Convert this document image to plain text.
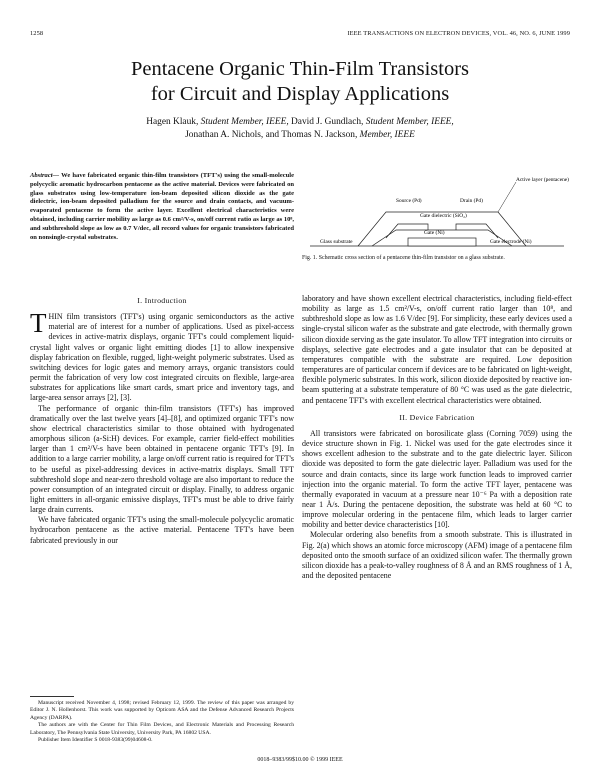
1258	IEEE TRANSACTIONS ON ELECTRON DEVICES, VOL. 46, NO. 6, JUNE 1999
Pentacene Organic Thin-Film Transistors
for Circuit and Display Applications
Hagen Klauk, Student Member, IEEE, David J. Gundlach, Student Member, IEEE,
Jonathan A. Nichols, and Thomas N. Jackson, Member, IEEE
Abstract— We have fabricated organic thin-film transistors (TFT's) using the small-molecule polycyclic aromatic hydrocarbon pentacene as the active material. Devices were fabricated on glass substrates using low-temperature ion-beam deposited silicon dioxide as the gate dielectric, ion-beam deposited palladium for the source and drain contacts, and vacuum-evaporated pentacene to form the active layer. Excellent electrical characteristics were obtained, including carrier mobility as large as 0.6 cm²/V-s, on/off current ratio as large as 10⁸, and subthreshold slope as low as 0.7 V/dec, all record values for organic transistors fabricated on nonsingle-crystal substrates.
I. Introduction

THIN film transistors (TFT's) using organic semiconductors as the active material are of interest for a number of applications. Used as pixel-access devices in active-matrix displays, organic TFT's could complement liquid-crystal light valves or organic light emitting diodes [1] to allow inexpensive display fabrication on flexible, rugged, light-weight polymeric substrates. Used as switching devices for logic gates and memory arrays, organic transistors could permit the fabrication of very low cost integrated circuits on flexible, large-area substrates for applications like smart cards, smart price and inventory tags, and large-area sensor arrays [2], [3].

The performance of organic thin-film transistors (TFT's) has improved dramatically over the last twelve years [4]–[8], and optimized organic TFT's now show electrical characteristics similar to those obtained with hydrogenated amorphous silicon (a-Si:H) devices. For example, carrier field-effect mobilities larger than 1 cm²/V-s have been obtained in pentacene organic TFT's [9]. In addition to a large carrier mobility, a large on/off current ratio is required for TFT's to be useful as pixel-addressing devices in active-matrix displays. Small TFT subthreshold slope and near-zero threshold voltage are also important to reduce the power consumption of an integrated circuit or display. Finally, to address organic light emitters in all-organic emissive displays, TFT's must be able to drive fairly large drain currents.

We have fabricated organic TFT's using the small-molecule polycyclic aromatic hydrocarbon pentacene as the active material. Pentacene TFT's have been fabricated previously in our

Manuscript received November 4, 1998; revised February 12, 1999. The review of this paper was arranged by Editor J. N. Hollenhorst. This work was supported by Opticom ASA and the Defense Advanced Research Projects Agency (DARPA).

The authors are with the Center for Thin Film Devices, and Electronic Materials and Processing Research Laboratory, The Pennsylvania State University, University Park, PA 16802 USA.

Publisher Item Identifier S 0018-9383(99)04608-0.

Active layer (pentacene)
Drain (Pd)
Source (Pd)
Gate dielectric (SiO₂)
Gate (Ni)
Glass substrate	Gate electrode (Ni)
Fig. 1. Schematic cross section of a pentacene thin-film transistor on a glass substrate.

laboratory and have shown excellent electrical characteristics, including field-effect mobility as large as 1.5 cm²/V-s, on/off current ratio larger than 10⁸, and subthreshold slope as low as 1.6 V/dec [9]. For simplicity, these early devices used a single-crystal silicon wafer as the substrate and gate electrode, with thermally grown silicon dioxide serving as the gate insulator. To allow TFT integration into circuits or displays, selective gate electrodes and a gate insulator that can be deposited at temperatures compatible with the substrate are required. Low deposition temperatures are of particular concern if devices are to be fabricated on light-weight, flexible polymeric substrates. In this work, silicon dioxide deposited by reactive ion-beam sputtering at a substrate temperature of 80 °C was used as the gate dielectric, and pentacene TFT's with excellent electrical characteristics were obtained.

II. Device Fabrication

All transistors were fabricated on borosilicate glass (Corning 7059) using the device structure shown in Fig. 1. Nickel was used for the gate electrodes since it shows excellent adhesion to the substrate and to the gate dielectric layer. Silicon dioxide was deposited to form the gate dielectric layer. Palladium was used for the source and drain contacts, since its large work function leads to improved carrier injection into the organic material. To form the active TFT layer, pentacene was thermally evaporated in vacuum at a pressure near 10⁻⁶ Pa with a deposition rate near 1 Å/s. During the pentacene deposition, the substrate was held at 60 °C to improve molecular ordering in the pentacene film, which leads to larger carrier mobility and better device characteristics [10].

Molecular ordering also benefits from a smooth substrate. This is illustrated in Fig. 2(a) which shows an atomic force microscopy (AFM) image of a pentacene film deposited onto the smooth surface of an oxidized silicon wafer. The thermally grown silicon dioxide has a peak-to-valley roughness of 8 Å and an RMS roughness of 1 Å, and the deposited pentacene

0018–9383/99$10.00 © 1999 IEEE
